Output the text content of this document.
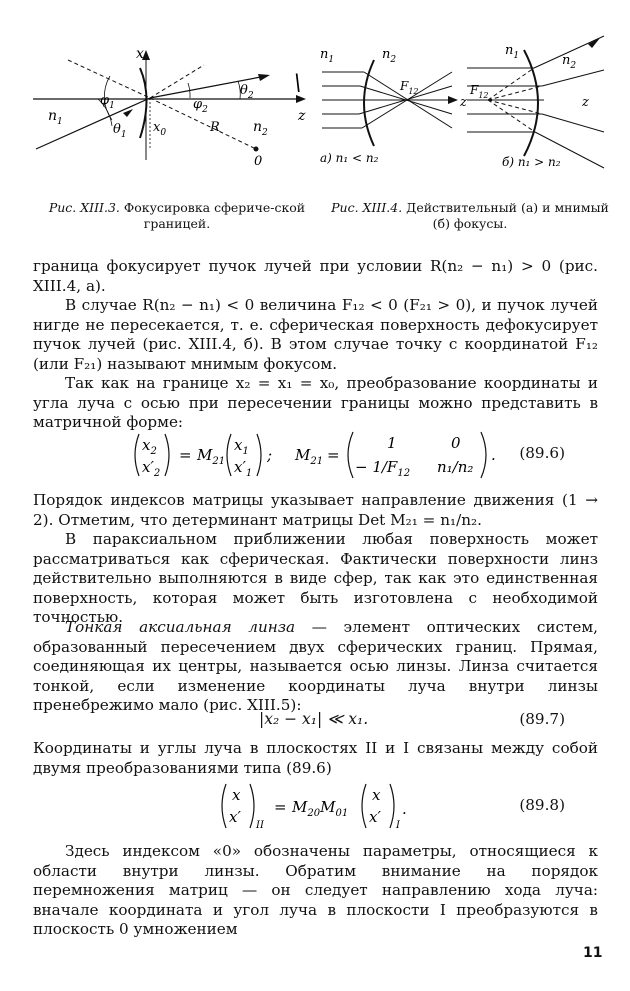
x
z
$n_1$	$n_2$
$\varphi_1$	$\varphi_2$
$\theta_1$
$\theta_2$
$x_0$	R
0
Рис. XIII.3. Фокусировка сфериче-ской границей.
\
$n_1$	$n_2$
$F_{12}$
z
а) n₁ < n₂
$n_1$	$n_2$
$F_{12}$	z
б) n₁ > n₂
Рис. XIII.4. Действительный (а) и мнимый (б) фокусы.
граница фокусирует пучок лучей при условии R(n₂ − n₁) > 0 (рис. XIII.4, а).
В случае R(n₂ − n₁) < 0 величина F₁₂ < 0 (F₂₁ > 0), и пучок лучей нигде не пересекается, т. е. сферическая поверхность дефокусирует пучок лучей (рис. XIII.4, б). В этом случае точку с координатой F₁₂ (или F₂₁) называют мнимым фокусом.
Так как на границе x₂ = x₁ = x₀, преобразование координаты и угла луча с осью при пересечении границы можно представить в матричной форме:
$x_2$
$x'_2$
= $M_{21}$
$x_1$
$x'_1$
; $M_{21}$ =
1	0
− $1/F_{12}$ n₁/n₂
. (89.6)
Порядок индексов матрицы указывает направление движения (1 → 2). Отметим, что детерминант матрицы Det M₂₁ = n₁/n₂.
В параксиальном приближении любая поверхность может рассматриваться как сферическая. Фактически поверхности линз действительно выполняются в виде сфер, так как это единственная поверхность, которая может быть изготовлена с необходимой точностью.
Тонкая аксиальная линза — элемент оптических систем, образованный пересечением двух сферических границ. Прямая, соединяющая их центры, называется осью линзы. Линза считается тонкой, если изменение координаты луча внутри линзы пренебрежимо мало (рис. XIII.5):
|x₂ − x₁| ≪ x₁.	(89.7)
Координаты и углы луча в плоскостях II и I связаны между собой двумя преобразованиями типа (89.6)
x
x′ II
= $M_{20}M_{01}$
x
x′ I
.	(89.8)
Здесь индексом «0» обозначены параметры, относящиеся к области внутри линзы. Обратим внимание на порядок перемножения матриц — он следует направлению хода луча: вначале координата и угол луча в плоскости I преобразуются в плоскость 0 умножением
11
